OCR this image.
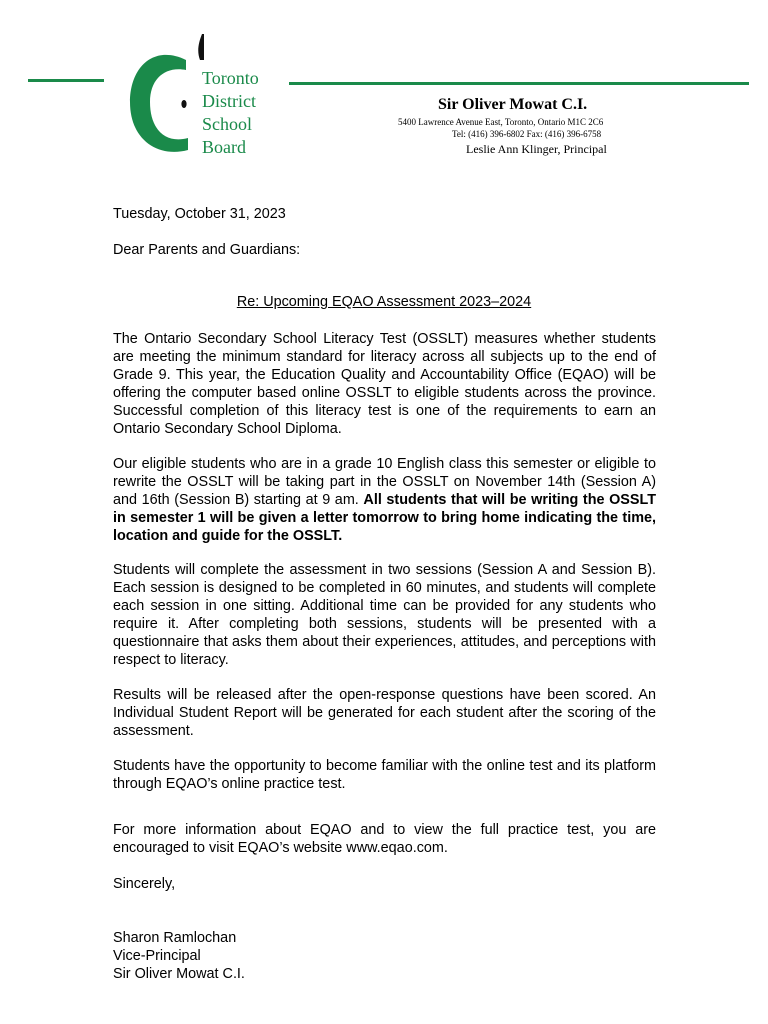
Toronto
District
School
Board
Sir Oliver Mowat C.I.
5400 Lawrence Avenue East, Toronto, Ontario M1C 2C6
Tel: (416) 396-6802 Fax: (416) 396-6758
Leslie Ann Klinger, Principal

Tuesday, October 31, 2023

Dear Parents and Guardians:

Re: Upcoming EQAO Assessment 2023–2024

The Ontario Secondary School Literacy Test (OSSLT) measures whether students are meeting the minimum standard for literacy across all subjects up to the end of Grade 9. This year, the Education Quality and Accountability Office (EQAO) will be offering the computer based online OSSLT to eligible students across the province. Successful completion of this literacy test is one of the requirements to earn an Ontario Secondary School Diploma.

Our eligible students who are in a grade 10 English class this semester or eligible to rewrite the OSSLT will be taking part in the OSSLT on November 14th (Session A) and 16th (Session B) starting at 9 am. All students that will be writing the OSSLT in semester 1 will be given a letter tomorrow to bring home indicating the time, location and guide for the OSSLT.

Students will complete the assessment in two sessions (Session A and Session B). Each session is designed to be completed in 60 minutes, and students will complete each session in one sitting. Additional time can be provided for any students who require it. After completing both sessions, students will be presented with a questionnaire that asks them about their experiences, attitudes, and perceptions with respect to literacy.

Results will be released after the open-response questions have been scored. An Individual Student Report will be generated for each student after the scoring of the assessment.

Students have the opportunity to become familiar with the online test and its platform through EQAO’s online practice test.

For more information about EQAO and to view the full practice test, you are encouraged to visit EQAO’s website www.eqao.com.

Sincerely,

Sharon Ramlochan

Vice-Principal

Sir Oliver Mowat C.I.
